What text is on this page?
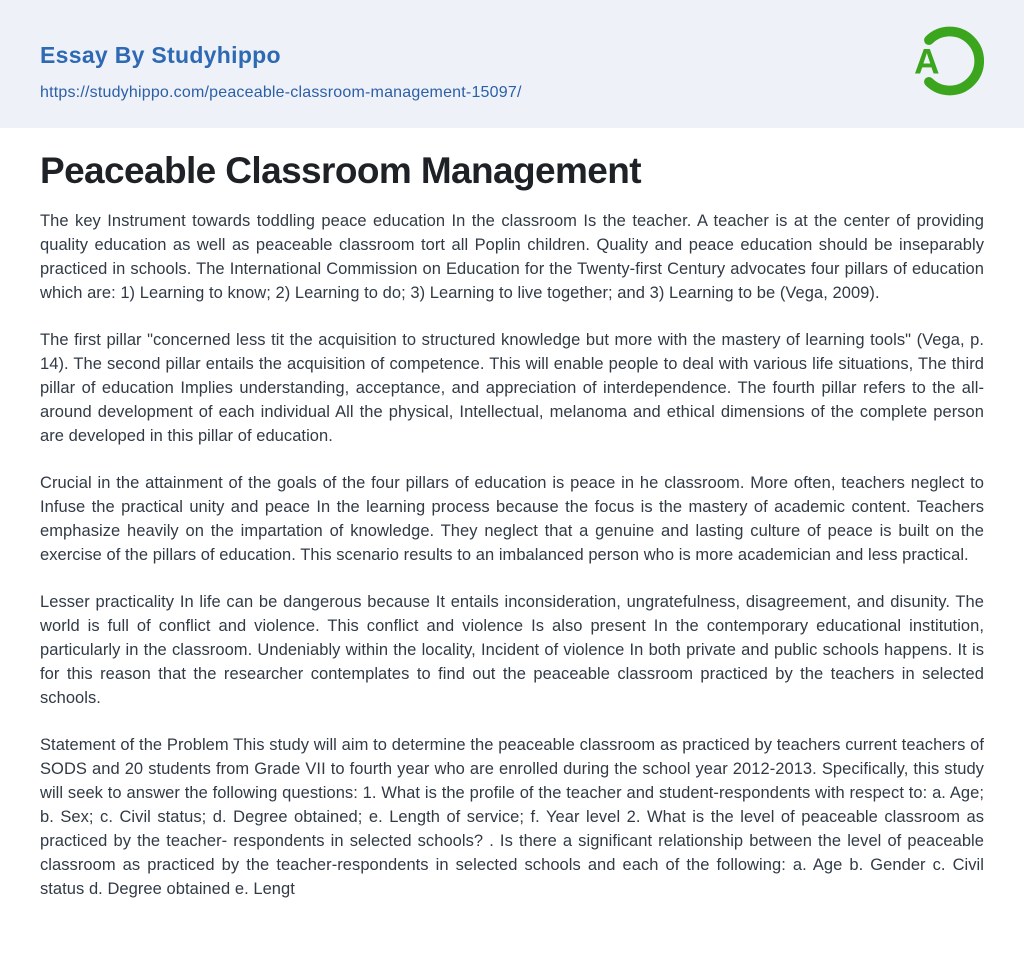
Essay By Studyhippo
https://studyhippo.com/peaceable-classroom-management-15097/
A
Peaceable Classroom Management

The key Instrument towards toddling peace education In the classroom Is the teacher. A teacher is at the center of providing quality education as well as peaceable classroom tort all Poplin children. Quality and peace education should be inseparably practiced in schools. The International Commission on Education for the Twenty-first Century advocates four pillars of education which are: 1) Learning to know; 2) Learning to do; 3) Learning to live together; and 3) Learning to be (Vega, 2009).

The first pillar "concerned less tit the acquisition to structured knowledge but more with the mastery of learning tools" (Vega, p. 14). The second pillar entails the acquisition of competence. This will enable people to deal with various life situations, The third pillar of education Implies understanding, acceptance, and appreciation of interdependence. The fourth pillar refers to the all-around development of each individual All the physical, Intellectual, melanoma and ethical dimensions of the complete person are developed in this pillar of education.

Crucial in the attainment of the goals of the four pillars of education is peace in he classroom. More often, teachers neglect to Infuse the practical unity and peace In the learning process because the focus is the mastery of academic content. Teachers emphasize heavily on the impartation of knowledge. They neglect that a genuine and lasting culture of peace is built on the exercise of the pillars of education. This scenario results to an imbalanced person who is more academician and less practical.

Lesser practicality In life can be dangerous because It entails inconsideration, ungratefulness, disagreement, and disunity. The world is full of conflict and violence. This conflict and violence Is also present In the contemporary educational institution, particularly in the classroom. Undeniably within the locality, Incident of violence In both private and public schools happens. It is for this reason that the researcher contemplates to find out the peaceable classroom practiced by the teachers in selected schools.

Statement of the Problem This study will aim to determine the peaceable classroom as practiced by teachers current teachers of SODS and 20 students from Grade VII to fourth year who are enrolled during the school year 2012-2013. Specifically, this study will seek to answer the following questions: 1. What is the profile of the teacher and student-respondents with respect to: a. Age; b. Sex; c. Civil status; d. Degree obtained; e. Length of service; f. Year level 2. What is the level of peaceable classroom as practiced by the teacher- respondents in selected schools? . Is there a significant relationship between the level of peaceable classroom as practiced by the teacher-respondents in selected schools and each of the following: a. Age b. Gender c. Civil status d. Degree obtained e. Lengt
